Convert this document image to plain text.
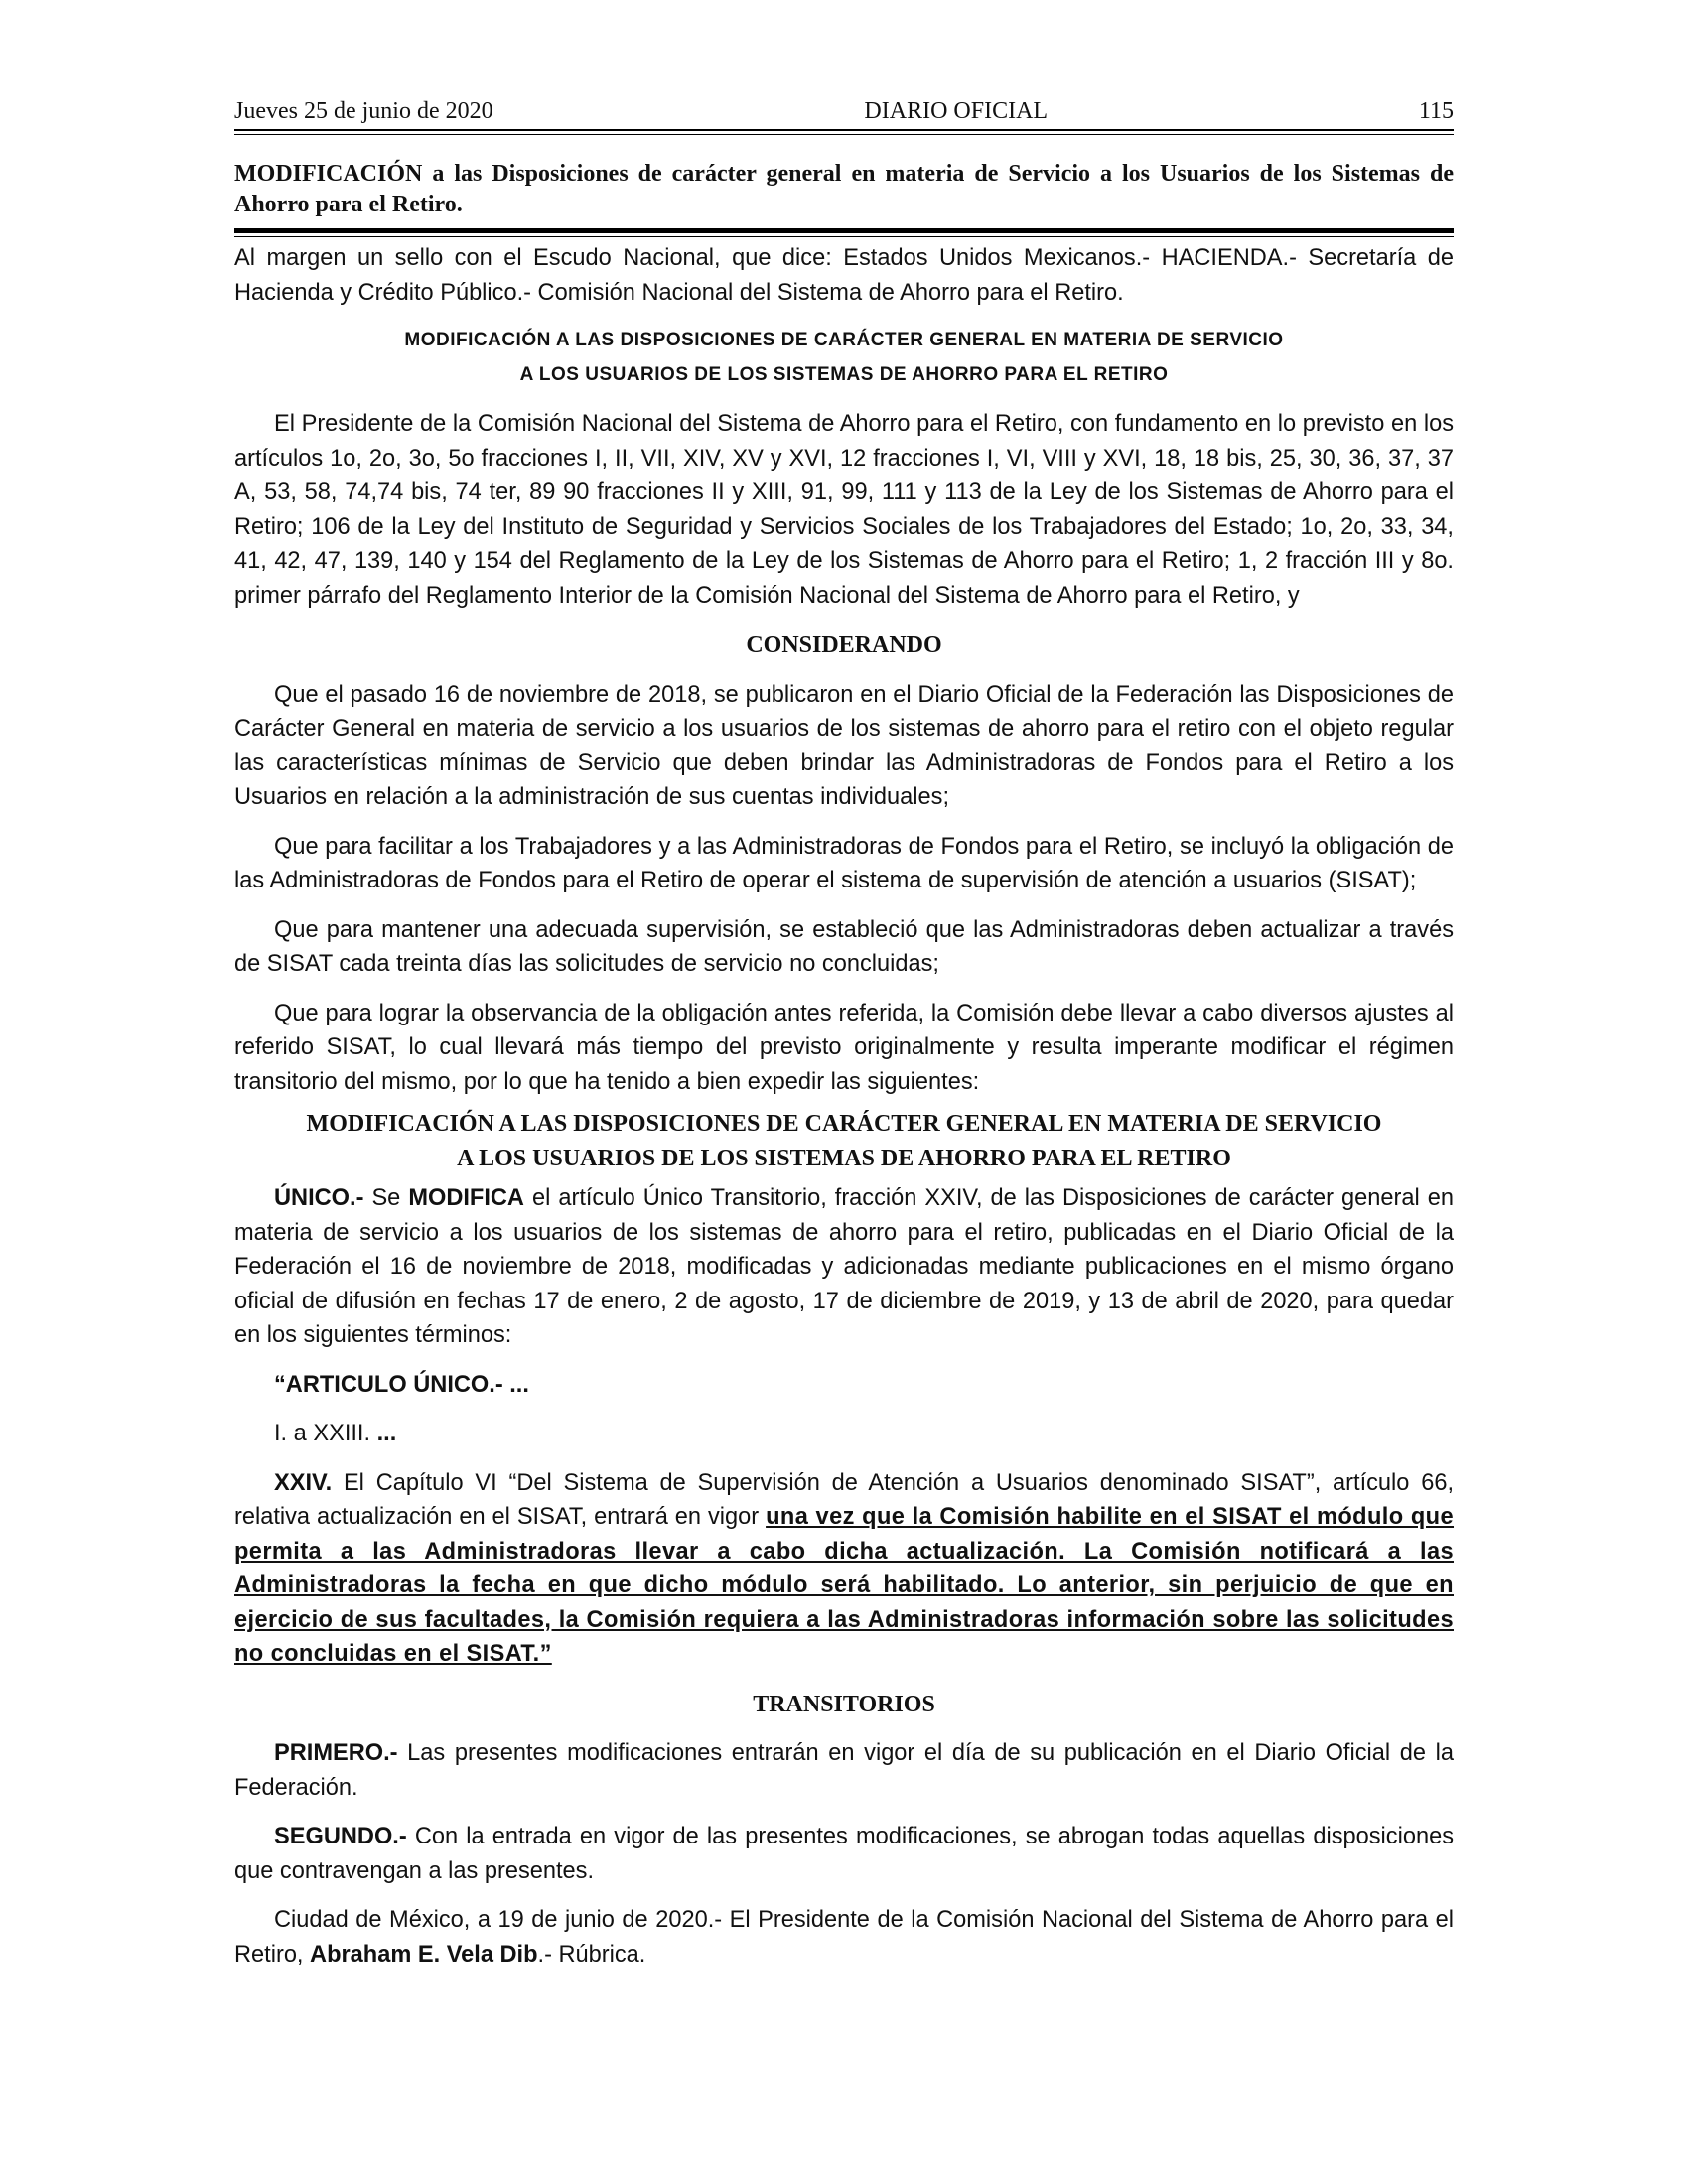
Jueves 25 de junio de 2020	DIARIO OFICIAL	115

MODIFICACIÓN a las Disposiciones de carácter general en materia de Servicio a los Usuarios de los Sistemas de Ahorro para el Retiro.

Al margen un sello con el Escudo Nacional, que dice: Estados Unidos Mexicanos.- HACIENDA.- Secretaría de Hacienda y Crédito Público.- Comisión Nacional del Sistema de Ahorro para el Retiro.

MODIFICACIÓN A LAS DISPOSICIONES DE CARÁCTER GENERAL EN MATERIA DE SERVICIO
A LOS USUARIOS DE LOS SISTEMAS DE AHORRO PARA EL RETIRO

El Presidente de la Comisión Nacional del Sistema de Ahorro para el Retiro, con fundamento en lo previsto en los artículos 1o, 2o, 3o, 5o fracciones I, II, VII, XIV, XV y XVI, 12 fracciones I, VI, VIII y XVI, 18, 18 bis, 25, 30, 36, 37, 37 A, 53, 58, 74,74 bis, 74 ter, 89 90 fracciones II y XIII, 91, 99, 111 y 113 de la Ley de los Sistemas de Ahorro para el Retiro; 106 de la Ley del Instituto de Seguridad y Servicios Sociales de los Trabajadores del Estado; 1o, 2o, 33, 34, 41, 42, 47, 139, 140 y 154 del Reglamento de la Ley de los Sistemas de Ahorro para el Retiro; 1, 2 fracción III y 8o. primer párrafo del Reglamento Interior de la Comisión Nacional del Sistema de Ahorro para el Retiro, y

CONSIDERANDO

Que el pasado 16 de noviembre de 2018, se publicaron en el Diario Oficial de la Federación las Disposiciones de Carácter General en materia de servicio a los usuarios de los sistemas de ahorro para el retiro con el objeto regular las características mínimas de Servicio que deben brindar las Administradoras de Fondos para el Retiro a los Usuarios en relación a la administración de sus cuentas individuales;

Que para facilitar a los Trabajadores y a las Administradoras de Fondos para el Retiro, se incluyó la obligación de las Administradoras de Fondos para el Retiro de operar el sistema de supervisión de atención a usuarios (SISAT);

Que para mantener una adecuada supervisión, se estableció que las Administradoras deben actualizar a través de SISAT cada treinta días las solicitudes de servicio no concluidas;

Que para lograr la observancia de la obligación antes referida, la Comisión debe llevar a cabo diversos ajustes al referido SISAT, lo cual llevará más tiempo del previsto originalmente y resulta imperante modificar el régimen transitorio del mismo, por lo que ha tenido a bien expedir las siguientes:

MODIFICACIÓN A LAS DISPOSICIONES DE CARÁCTER GENERAL EN MATERIA DE SERVICIO
A LOS USUARIOS DE LOS SISTEMAS DE AHORRO PARA EL RETIRO

ÚNICO.- Se MODIFICA el artículo Único Transitorio, fracción XXIV, de las Disposiciones de carácter general en materia de servicio a los usuarios de los sistemas de ahorro para el retiro, publicadas en el Diario Oficial de la Federación el 16 de noviembre de 2018, modificadas y adicionadas mediante publicaciones en el mismo órgano oficial de difusión en fechas 17 de enero, 2 de agosto, 17 de diciembre de 2019, y 13 de abril de 2020, para quedar en los siguientes términos:

“ARTICULO ÚNICO.- ...

I. a XXIII. ...

XXIV. El Capítulo VI “Del Sistema de Supervisión de Atención a Usuarios denominado SISAT”, artículo 66, relativa actualización en el SISAT, entrará en vigor una vez que la Comisión habilite en el SISAT el módulo que permita a las Administradoras llevar a cabo dicha actualización. La Comisión notificará a las Administradoras la fecha en que dicho módulo será habilitado. Lo anterior, sin perjuicio de que en ejercicio de sus facultades, la Comisión requiera a las Administradoras información sobre las solicitudes no concluidas en el SISAT.”

TRANSITORIOS

PRIMERO.- Las presentes modificaciones entrarán en vigor el día de su publicación en el Diario Oficial de la Federación.

SEGUNDO.- Con la entrada en vigor de las presentes modificaciones, se abrogan todas aquellas disposiciones que contravengan a las presentes.

Ciudad de México, a 19 de junio de 2020.- El Presidente de la Comisión Nacional del Sistema de Ahorro para el Retiro, Abraham E. Vela Dib.- Rúbrica.
